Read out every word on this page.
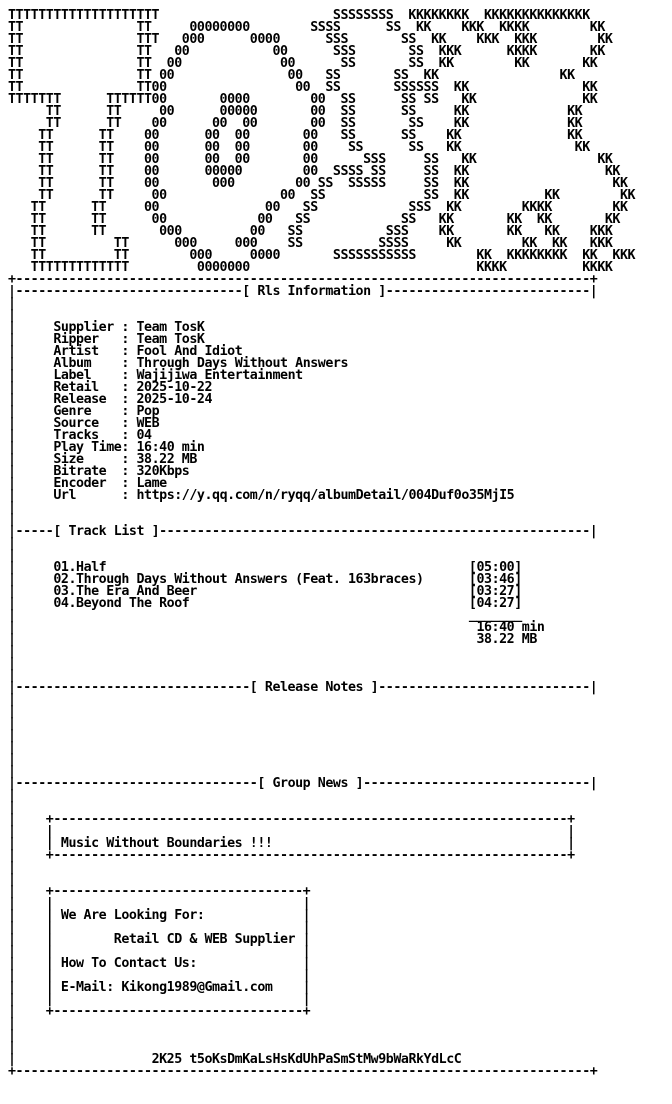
TTTTTTTTTTTTTTTTTTTT                       SSSSSSSS  KKKKKKKK  KKKKKKKKKKKKKK
TT               TT     00000000        SSSS      SS  KK    KKK  KKKK        KK
TT               TTT   000      0000      SSS       SS  KK    KKK  KKK        KK
TT               TT   00           00      SSS       SS  KKK      KKKK       KK
TT               TT  00             00      SS       SS  KK        KK       KK
TT               TT 00               00   SS       SS  KK                KK
TT               TT00                 00  SS       SSSSSS  KK               KK
TTTTTTT      TTTTTT00       0000        00  SS      SS SS   KK              KK
TT      TT     00      00000       00  SS      SS     KK             KK
TT      TT    00      00  00       00  SS       SS    KK             KK
TT      TT    00      00  00       00   SS      SS    KK              KK
TT      TT    00      00  00       00    SS      SS   KK               KK
TT      TT    00      00  00       00      SSS     SS   KK                KK
TT      TT    00      00000        00  SSSS SS     SS  KK                  KK
TT      TT    00       000        00 SS  SSSSS     SS  KK                   KK
TT      TT     00               00  SS             SS  KK          KK        KK
TT      TT     00              00   SS            SSS  KK        KKKK        KK
TT      TT      00            00   SS            SS   KK       KK  KK       KK
TT      TT       000         00   SS           SSS    KK       KK   KK    KKK
TT         TT      000     000    SS          SSSS     KK        KK  KK   KKK
TT         TT        000     0000       SSSSSSSSSSS        KK  KKKKKKKK  KK  KKK
TTTTTTTTTTTTT         0000000                              KKKK          KKKK
+----------------------------------------------------------------------------+
|------------------------------[ Rls Information ]---------------------------|
|
|
|     Supplier : Team TosK
|     Ripper   : Team TosK
|     Artist   : Fool And Idiot
|     Album    : Through Days Without Answers
|     Label    : Wajijiwa Entertainment
|     Retail   : 2025-10-22
|     Release  : 2025-10-24
|     Genre    : Pop
|     Source   : WEB
|     Tracks   : 04
|     Play Time: 16:40 min
|     Size     : 38.22 MB
|     Bitrate  : 320Kbps
|     Encoder  : Lame
|     Url      : https://y.qq.com/n/ryqq/albumDetail/004Duf0o35MjI5
|
|
|-----[ Track List ]---------------------------------------------------------|
|
|
|     01.Half	[05:00]
|     02.Through Days Without Answers (Feat. 163braces)	[03:46]
|     03.The Era And Beer	[03:27]
|     04.Beyond The Roof	[04:27]
|                                                            _______
|                                                             16:40 min
|                                                             38.22 MB
|
|
|
|-------------------------------[ Release Notes ]----------------------------|
|
|
|
|
|
|
|
|--------------------------------[ Group News ]------------------------------|
|
|
|    +--------------------------------------------------------------------+
|    |                                                                    |
|    | Music Without Boundaries !!!                                       |
|    +--------------------------------------------------------------------+
|
|
|    +---------------------------------+
|    |                                 |
|    | We Are Looking For:             |
|    |                                 |
|    |        Retail CD & WEB Supplier |
|    |                                 |
|    | How To Contact Us:              |
|    |                                 |
|    | E-Mail: Kikong1989@Gmail.com    |
|    |                                 |
|    +---------------------------------+
|
|
|
|                  2K25 t5oKsDmKaLsHsKdUhPaSmStMw9bWaRkYdLcC
+----------------------------------------------------------------------------+
